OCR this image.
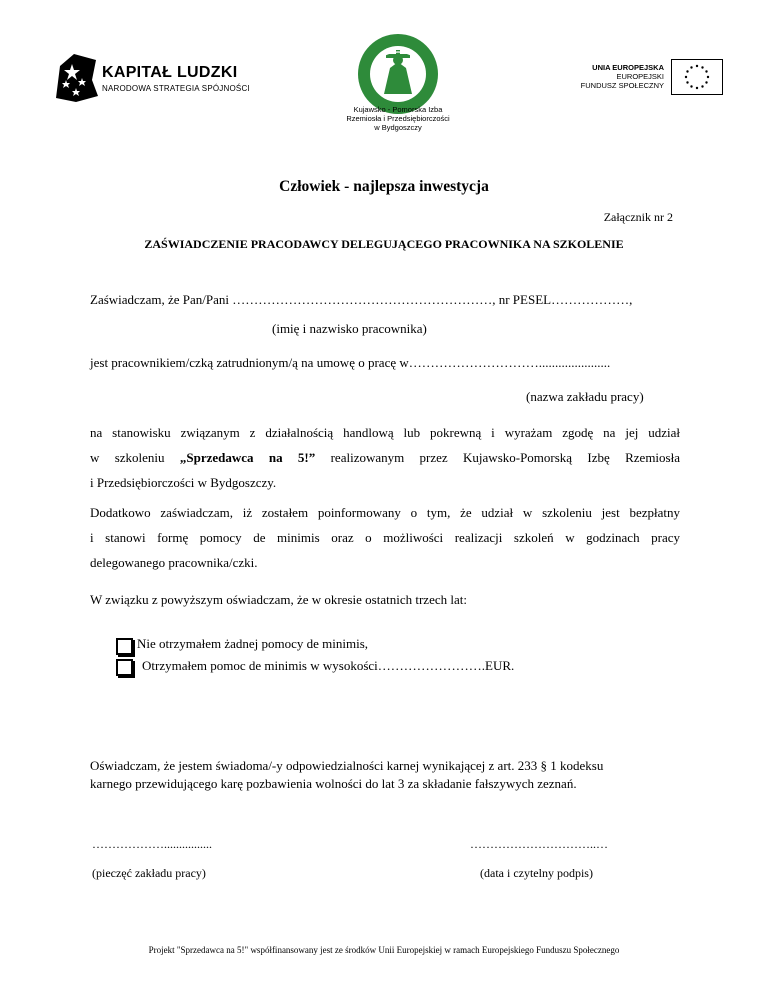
KAPITAŁ LUDZKI
NARODOWA STRATEGIA SPÓJNOŚCI
Kujawsko - Pomorska Izba
Rzemiosła i Przedsiębiorczości
w Bydgoszczy
UNIA EUROPEJSKA
EUROPEJSKI
FUNDUSZ SPOŁECZNY
Człowiek - najlepsza inwestycja
Załącznik nr 2
ZAŚWIADCZENIE PRACODAWCY DELEGUJĄCEGO PRACOWNIKA NA SZKOLENIE
Zaświadczam, że Pan/Pani ……………………………………………………, nr PESEL………………,
(imię i nazwisko pracownika)
jest pracownikiem/czką zatrudnionym/ą na umowę o pracę w…………………………......................
(nazwa zakładu pracy)
na stanowisku związanym z działalnością handlową lub pokrewną i wyrażam zgodę na jej udział
w szkoleniu „Sprzedawca na 5!” realizowanym przez Kujawsko-Pomorską Izbę Rzemiosła
i Przedsiębiorczości w Bydgoszczy.
Dodatkowo zaświadczam, iż zostałem poinformowany o tym, że udział w szkoleniu jest bezpłatny
i stanowi formę pomocy de minimis oraz o możliwości realizacji szkoleń w godzinach pracy
delegowanego pracownika/czki.
W związku z powyższym oświadczam, że w okresie ostatnich trzech lat:
Nie otrzymałem żadnej pomocy de minimis,
Otrzymałem pomoc de minimis w wysokości…………………….EUR.
Oświadczam, że jestem świadoma/-y odpowiedzialności karnej wynikającej z art. 233 § 1 kodeksu
karnego przewidującego karę pozbawienia wolności do lat 3 za składanie fałszywych zeznań.
………………................
(pieczęć zakładu pracy)
…………………………..…
(data i czytelny podpis)
Projekt "Sprzedawca na 5!" współfinansowany jest ze środków Unii Europejskiej w ramach Europejskiego Funduszu Społecznego
